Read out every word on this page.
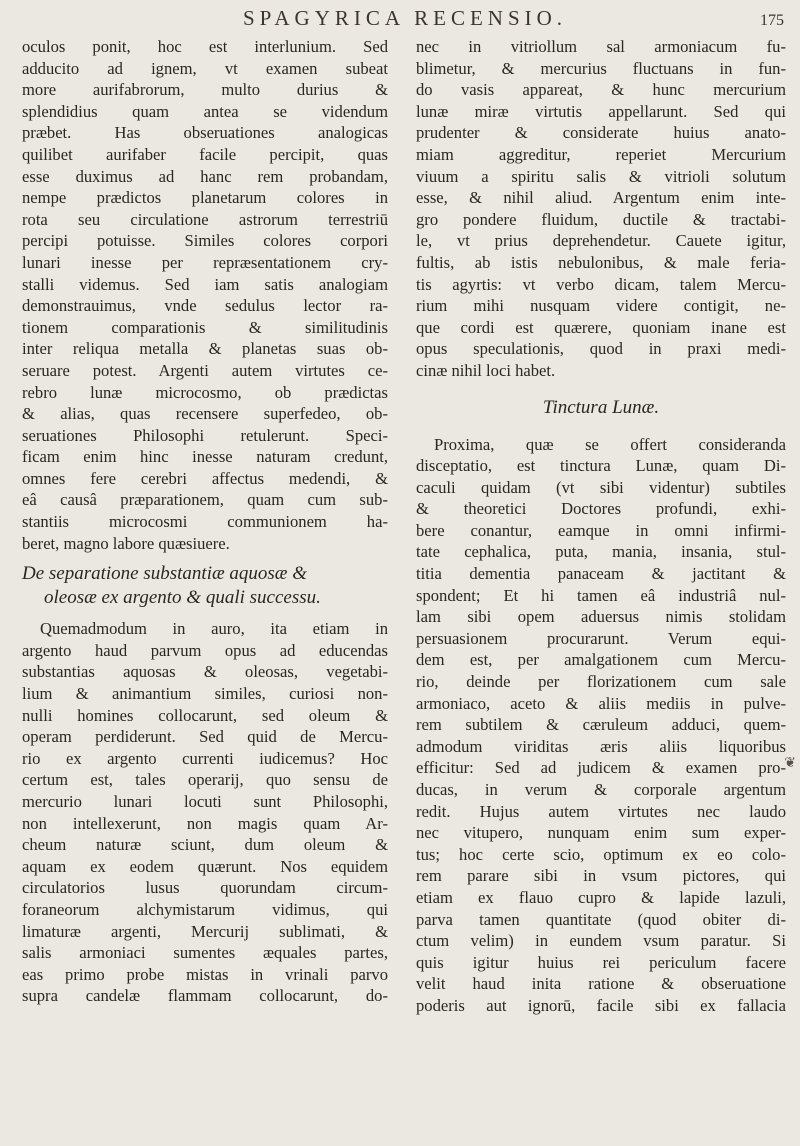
SPAGYRICA RECENSIO.	175
oculos ponit, hoc est interlunium. Sed
adducito ad ignem, vt examen subeat
more aurifabrorum, multo durius &
splendidius quam antea se videndum
præbet. Has obseruationes analogicas
quilibet aurifaber facile percipit, quas
esse duximus ad hanc rem probandam,
nempe prædictos planetarum colores in
rota seu circulatione astrorum terrestriū
percipi potuisse. Similes colores corpori
lunari inesse per repræsentationem cry-
stalli videmus. Sed iam satis analogiam
demonstrauimus, vnde sedulus lector ra-
tionem comparationis & similitudinis
inter reliqua metalla & planetas suas ob-
seruare potest. Argenti autem virtutes ce-
rebro lunæ microcosmo, ob prædictas
& alias, quas recensere superfedeo, ob-
seruationes Philosophi retulerunt. Speci-
ficam enim hinc inesse naturam credunt,
omnes fere cerebri affectus medendi, &
eâ causâ præparationem, quam cum sub-
stantiis microcosmi communionem ha-
beret, magno labore quæsiuere.
De separatione substantiæ aquosæ &
oleosæ ex argento & quali successu.
Quemadmodum in auro, ita etiam in
argento haud parvum opus ad educendas
substantias aquosas & oleosas, vegetabi-
lium & animantium similes, curiosi non-
nulli homines collocarunt, sed oleum &
operam perdiderunt. Sed quid de Mercu-
rio ex argento currenti iudicemus? Hoc
certum est, tales operarij, quo sensu de
mercurio lunari locuti sunt Philosophi,
non intellexerunt, non magis quam Ar-
cheum naturæ sciunt, dum oleum &
aquam ex eodem quærunt. Nos equidem
circulatorios lusus quorundam circum-
foraneorum alchymistarum vidimus, qui
limaturæ argenti, Mercurij sublimati, &
salis armoniaci sumentes æquales partes,
eas primo probe mistas in vrinali parvo
supra candelæ flammam collocarunt, do-
nec in vitriollum sal armoniacum fu-
blimetur, & mercurius fluctuans in fun-
do vasis appareat, & hunc mercurium
lunæ miræ virtutis appellarunt. Sed qui
prudenter & considerate huius anato-
miam aggreditur, reperiet Mercurium
viuum a spiritu salis & vitrioli solutum
esse, & nihil aliud. Argentum enim inte-
gro pondere fluidum, ductile & tractabi-
le, vt prius deprehendetur. Cauete igitur,
fultis, ab istis nebulonibus, & male feria-
tis agyrtis: vt verbo dicam, talem Mercu-
rium mihi nusquam videre contigit, ne-
que cordi est quærere, quoniam inane est
opus speculationis, quod in praxi medi-
cinæ nihil loci habet.
Tinctura Lunæ.
Proxima, quæ se offert consideranda
disceptatio, est tinctura Lunæ, quam Di-
caculi quidam (vt sibi videntur) subtiles
& theoretici Doctores profundi, exhi-
bere conantur, eamque in omni infirmi-
tate cephalica, puta, mania, insania, stul-
titia dementia panaceam & jactitant &
spondent; Et hi tamen eâ industriâ nul-
lam sibi opem aduersus nimis stolidam
persuasionem procurarunt. Verum equi-
dem est, per amalgationem cum Mercu-
rio, deinde per florizationem cum sale
armoniaco, aceto & aliis mediis in pulve-
rem subtilem & cæruleum adduci, quem-
admodum viriditas æris aliis liquoribus
efficitur: Sed ad judicem & examen pro-
ducas, in verum & corporale argentum
redit. Hujus autem virtutes nec laudo
nec vitupero, nunquam enim sum exper-
tus; hoc certe scio, optimum ex eo colo-
rem parare sibi in vsum pictores, qui
etiam ex flauo cupro & lapide lazuli,
parva tamen quantitate (quod obiter di-
ctum velim) in eundem vsum paratur. Si
quis igitur huius rei periculum facere
velit haud inita ratione & obseruatione
poderis aut ignorū, facile sibi ex fallacia
❦
